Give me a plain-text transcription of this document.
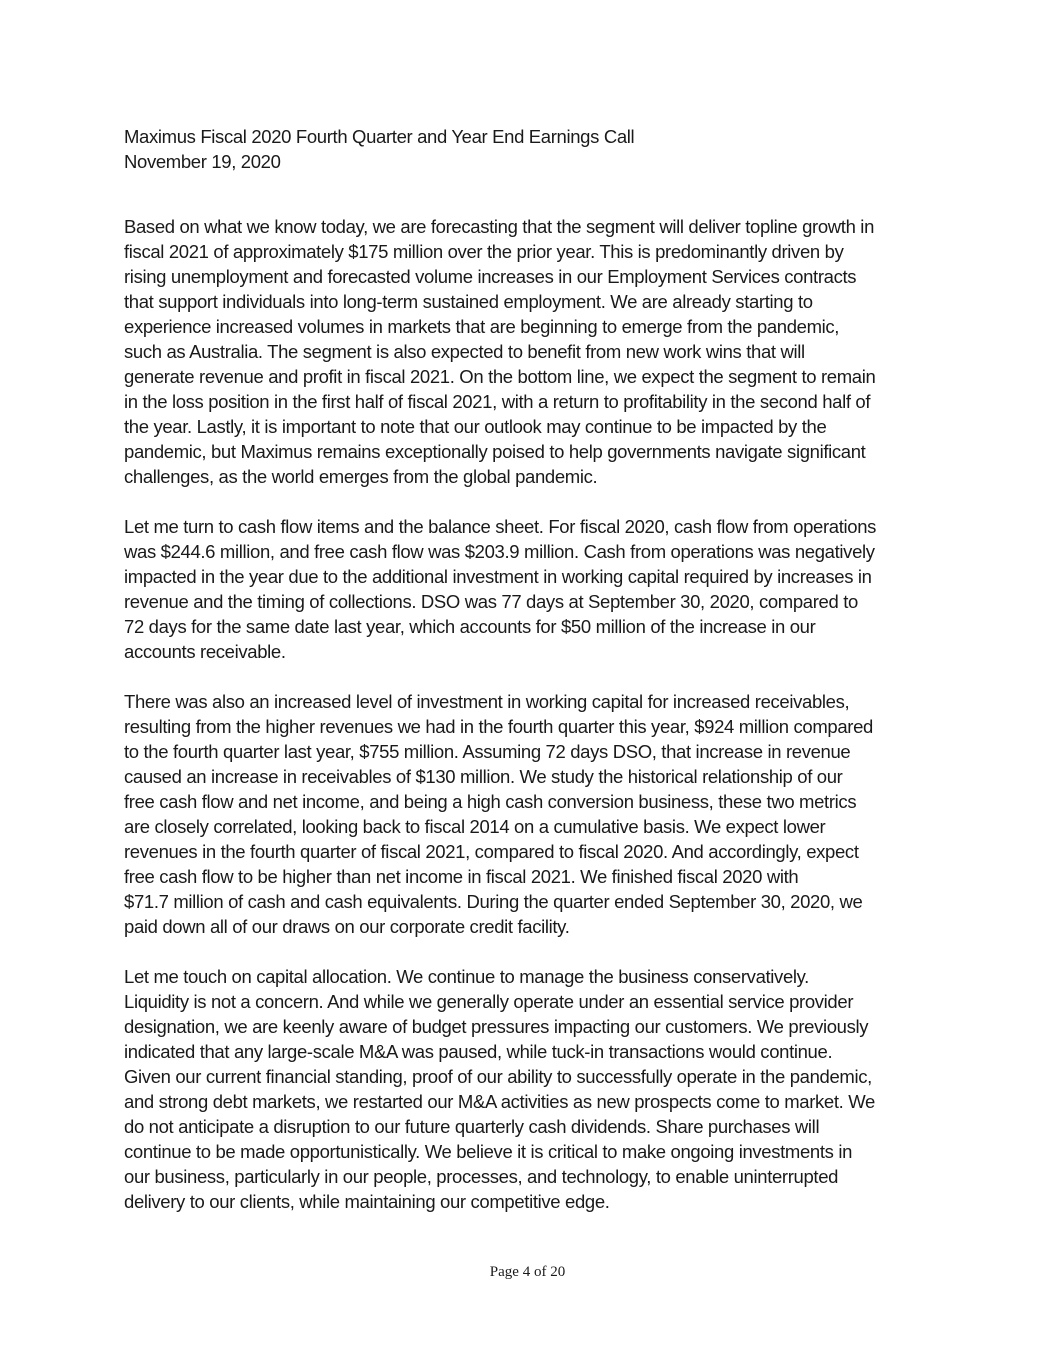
Maximus Fiscal 2020 Fourth Quarter and Year End Earnings Call
November 19, 2020
Based on what we know today, we are forecasting that the segment will deliver topline growth in
fiscal 2021 of approximately $175 million over the prior year. This is predominantly driven by
rising unemployment and forecasted volume increases in our Employment Services contracts
that support individuals into long-term sustained employment. We are already starting to
experience increased volumes in markets that are beginning to emerge from the pandemic,
such as Australia. The segment is also expected to benefit from new work wins that will
generate revenue and profit in fiscal 2021. On the bottom line, we expect the segment to remain
in the loss position in the first half of fiscal 2021, with a return to profitability in the second half of
the year. Lastly, it is important to note that our outlook may continue to be impacted by the
pandemic, but Maximus remains exceptionally poised to help governments navigate significant
challenges, as the world emerges from the global pandemic.
Let me turn to cash flow items and the balance sheet. For fiscal 2020, cash flow from operations
was $244.6 million, and free cash flow was $203.9 million. Cash from operations was negatively
impacted in the year due to the additional investment in working capital required by increases in
revenue and the timing of collections. DSO was 77 days at September 30, 2020, compared to
72 days for the same date last year, which accounts for $50 million of the increase in our
accounts receivable.
There was also an increased level of investment in working capital for increased receivables,
resulting from the higher revenues we had in the fourth quarter this year, $924 million compared
to the fourth quarter last year, $755 million. Assuming 72 days DSO, that increase in revenue
caused an increase in receivables of $130 million. We study the historical relationship of our
free cash flow and net income, and being a high cash conversion business, these two metrics
are closely correlated, looking back to fiscal 2014 on a cumulative basis. We expect lower
revenues in the fourth quarter of fiscal 2021, compared to fiscal 2020. And accordingly, expect
free cash flow to be higher than net income in fiscal 2021. We finished fiscal 2020 with
$71.7 million of cash and cash equivalents. During the quarter ended September 30, 2020, we
paid down all of our draws on our corporate credit facility.
Let me touch on capital allocation. We continue to manage the business conservatively.
Liquidity is not a concern. And while we generally operate under an essential service provider
designation, we are keenly aware of budget pressures impacting our customers. We previously
indicated that any large-scale M&A was paused, while tuck-in transactions would continue.
Given our current financial standing, proof of our ability to successfully operate in the pandemic,
and strong debt markets, we restarted our M&A activities as new prospects come to market. We
do not anticipate a disruption to our future quarterly cash dividends. Share purchases will
continue to be made opportunistically. We believe it is critical to make ongoing investments in
our business, particularly in our people, processes, and technology, to enable uninterrupted
delivery to our clients, while maintaining our competitive edge.
Page 4 of 20
